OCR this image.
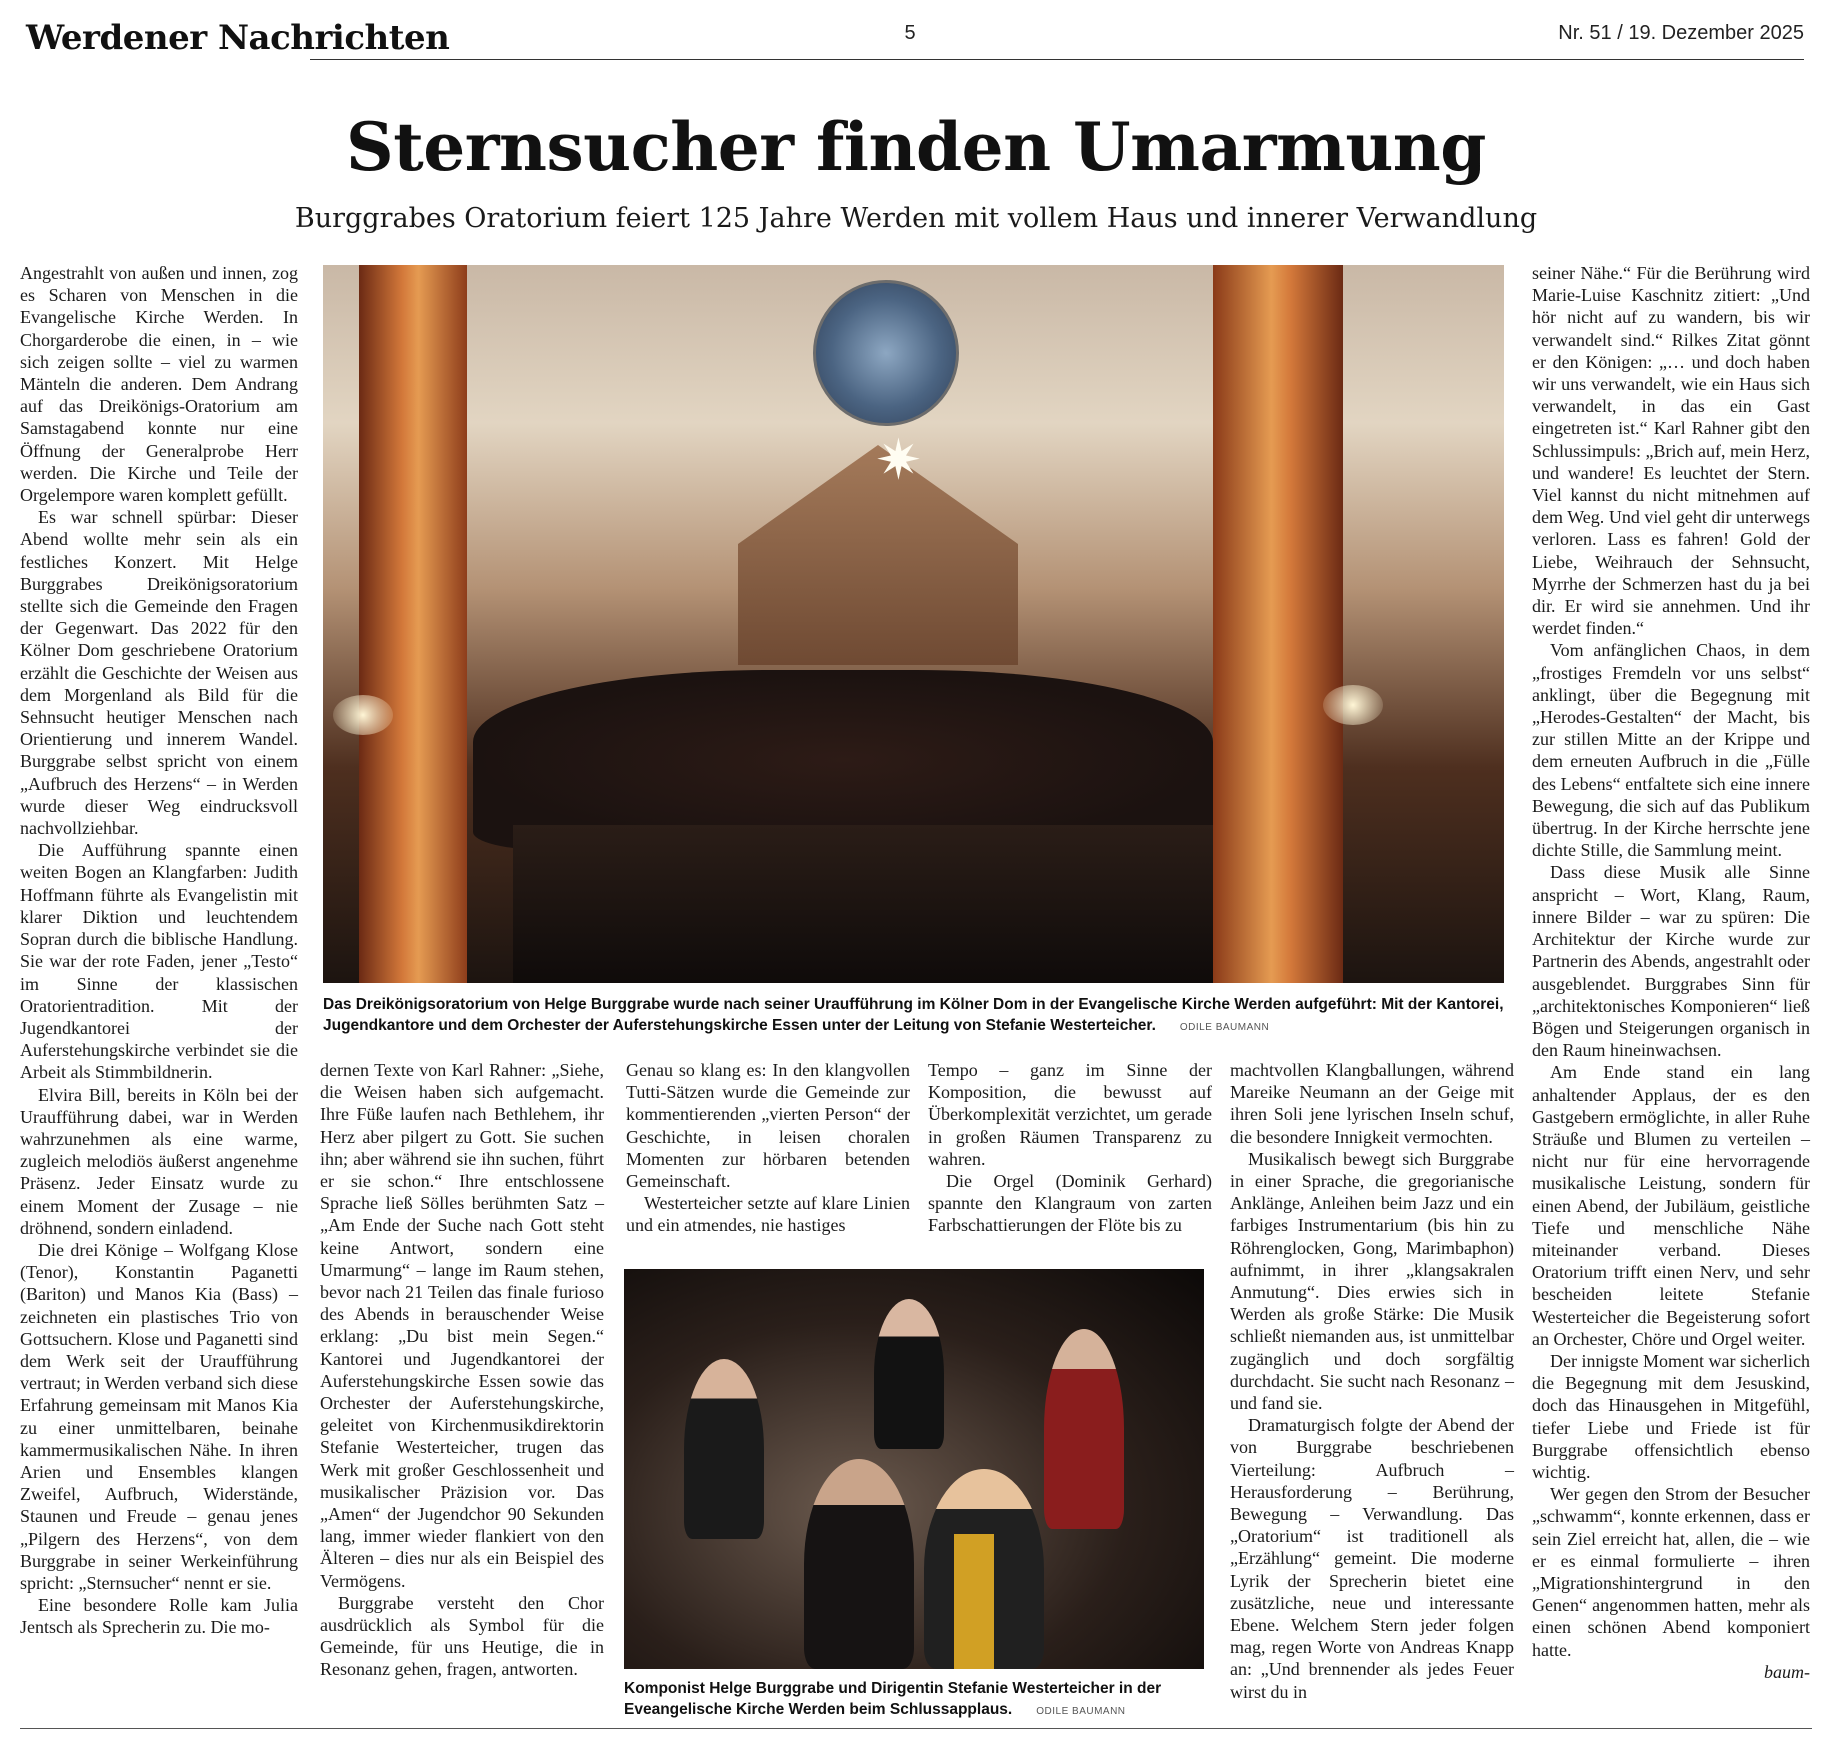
Werdener Nachrichten	5	Nr. 51 / 19. Dezember 2025
Sternsucher finden Umarmung
Burggrabes Oratorium feiert 125 Jahre Werden mit vollem Haus und innerer Verwandlung

Angestrahlt von außen und innen, zog es Scharen von Menschen in die Evangelische Kirche Werden. In Chorgarderobe die einen, in – wie sich zeigen sollte – viel zu warmen Mänteln die anderen. Dem Andrang auf das Dreikönigs-Oratorium am Samstagabend konnte nur eine Öffnung der Generalprobe Herr werden. Die Kirche und Teile der Orgelempore waren komplett gefüllt.

Es war schnell spürbar: Dieser Abend wollte mehr sein als ein festliches Konzert. Mit Helge Burggrabes Dreikönigsoratorium stellte sich die Gemeinde den Fragen der Gegenwart. Das 2022 für den Kölner Dom geschriebene Oratorium erzählt die Geschichte der Weisen aus dem Morgenland als Bild für die Sehnsucht heutiger Menschen nach Orientierung und innerem Wandel. Burggrabe selbst spricht von einem „Aufbruch des Herzens“ – in Werden wurde dieser Weg eindrucksvoll nachvollziehbar.

Die Aufführung spannte einen weiten Bogen an Klangfarben: Judith Hoffmann führte als Evangelistin mit klarer Diktion und leuchtendem Sopran durch die biblische Handlung. Sie war der rote Faden, jener „Testo“ im Sinne der klassischen Oratorientradition. Mit der Jugendkantorei der Auferstehungskirche verbindet sie die Arbeit als Stimmbildnerin.

Elvira Bill, bereits in Köln bei der Uraufführung dabei, war in Werden wahrzunehmen als eine warme, zugleich melodiös äußerst angenehme Präsenz. Jeder Einsatz wurde zu einem Moment der Zusage – nie dröhnend, sondern einladend.

Die drei Könige – Wolfgang Klose (Tenor), Konstantin Paganetti (Bariton) und Manos Kia (Bass) – zeichneten ein plastisches Trio von Gottsuchern. Klose und Paganetti sind dem Werk seit der Uraufführung vertraut; in Werden verband sich diese Erfahrung gemeinsam mit Manos Kia zu einer unmittelbaren, beinahe kammermusikalischen Nähe. In ihren Arien und Ensembles klangen Zweifel, Aufbruch, Widerstände, Staunen und Freude – genau jenes „Pilgern des Herzens“, von dem Burggrabe in seiner Werkeinführung spricht: „Sternsucher“ nennt er sie.

Eine besondere Rolle kam Julia Jentsch als Sprecherin zu. Die mo-

✷
Das Dreikönigsoratorium von Helge Burggrabe wurde nach seiner Uraufführung im Kölner Dom in der Evangelische Kirche Werden aufgeführt: Mit der Kantorei, Jugendkantore und dem Orchester der Auferstehungskirche Essen unter der Leitung von Stefanie Westerteicher. ODILE BAUMANN

dernen Texte von Karl Rahner: „Siehe, die Weisen haben sich aufgemacht. Ihre Füße laufen nach Bethlehem, ihr Herz aber pilgert zu Gott. Sie suchen ihn; aber während sie ihn suchen, führt er sie schon.“ Ihre entschlossene Sprache ließ Sölles berühmten Satz – „Am Ende der Suche nach Gott steht keine Antwort, sondern eine Umarmung“ – lange im Raum stehen, bevor nach 21 Teilen das finale furioso des Abends in berauschender Weise erklang: „Du bist mein Segen.“ Kantorei und Jugendkantorei der Auferstehungskirche Essen sowie das Orchester der Auferstehungskirche, geleitet von Kirchenmusikdirektorin Stefanie Westerteicher, trugen das Werk mit großer Geschlossenheit und musikalischer Präzision vor. Das „Amen“ der Jugendchor 90 Sekunden lang, immer wieder flankiert von den Älteren – dies nur als ein Beispiel des Vermögens.

Burggrabe versteht den Chor ausdrücklich als Symbol für die Gemeinde, für uns Heutige, die in Resonanz gehen, fragen, antworten.

Genau so klang es: In den klangvollen Tutti-Sätzen wurde die Gemeinde zur kommentierenden „vierten Person“ der Geschichte, in leisen choralen Momenten zur hörbaren betenden Gemeinschaft.

Westerteicher setzte auf klare Linien und ein atmendes, nie hastiges

Tempo – ganz im Sinne der Komposition, die bewusst auf Überkomplexität verzichtet, um gerade in großen Räumen Transparenz zu wahren.

Die Orgel (Dominik Gerhard) spannte den Klangraum von zarten Farbschattierungen der Flöte bis zu

Komponist Helge Burggrabe und Dirigentin Stefanie Westerteicher in der Eveangelische Kirche Werden beim Schlussapplaus. ODILE BAUMANN

machtvollen Klangballungen, während Mareike Neumann an der Geige mit ihren Soli jene lyrischen Inseln schuf, die besondere Innigkeit vermochten.

Musikalisch bewegt sich Burggrabe in einer Sprache, die gregorianische Anklänge, Anleihen beim Jazz und ein farbiges Instrumentarium (bis hin zu Röhrenglocken, Gong, Marimbaphon) aufnimmt, in ihrer „klangsakralen Anmutung“. Dies erwies sich in Werden als große Stärke: Die Musik schließt niemanden aus, ist unmittelbar zugänglich und doch sorgfältig durchdacht. Sie sucht nach Resonanz – und fand sie.

Dramaturgisch folgte der Abend der von Burggrabe beschriebenen Vierteilung: Aufbruch – Herausforderung – Berührung, Bewegung – Verwandlung. Das „Oratorium“ ist traditionell als „Erzählung“ gemeint. Die moderne Lyrik der Sprecherin bietet eine zusätzliche, neue und interessante Ebene. Welchem Stern jeder folgen mag, regen Worte von Andreas Knapp an: „Und brennender als jedes Feuer wirst du in

seiner Nähe.“ Für die Berührung wird Marie-Luise Kaschnitz zitiert: „Und hör nicht auf zu wandern, bis wir verwandelt sind.“ Rilkes Zitat gönnt er den Königen: „… und doch haben wir uns verwandelt, wie ein Haus sich verwandelt, in das ein Gast eingetreten ist.“ Karl Rahner gibt den Schlussimpuls: „Brich auf, mein Herz, und wandere! Es leuchtet der Stern. Viel kannst du nicht mitnehmen auf dem Weg. Und viel geht dir unterwegs verloren. Lass es fahren! Gold der Liebe, Weihrauch der Sehnsucht, Myrrhe der Schmerzen hast du ja bei dir. Er wird sie annehmen. Und ihr werdet finden.“

Vom anfänglichen Chaos, in dem „frostiges Fremdeln vor uns selbst“ anklingt, über die Begegnung mit „Herodes-Gestalten“ der Macht, bis zur stillen Mitte an der Krippe und dem erneuten Aufbruch in die „Fülle des Lebens“ entfaltete sich eine innere Bewegung, die sich auf das Publikum übertrug. In der Kirche herrschte jene dichte Stille, die Sammlung meint.

Dass diese Musik alle Sinne anspricht – Wort, Klang, Raum, innere Bilder – war zu spüren: Die Architektur der Kirche wurde zur Partnerin des Abends, angestrahlt oder ausgeblendet. Burggrabes Sinn für „architektonisches Komponieren“ ließ Bögen und Steigerungen organisch in den Raum hineinwachsen.

Am Ende stand ein lang anhaltender Applaus, der es den Gastgebern ermöglichte, in aller Ruhe Sträuße und Blumen zu verteilen – nicht nur für eine hervorragende musikalische Leistung, sondern für einen Abend, der Jubiläum, geistliche Tiefe und menschliche Nähe miteinander verband. Dieses Oratorium trifft einen Nerv, und sehr bescheiden leitete Stefanie Westerteicher die Begeisterung sofort an Orchester, Chöre und Orgel weiter.

Der innigste Moment war sicherlich die Begegnung mit dem Jesuskind, doch das Hinausgehen in Mitgefühl, tiefer Liebe und Friede ist für Burggrabe offensichtlich ebenso wichtig.

Wer gegen den Strom der Besucher „schwamm“, konnte erkennen, dass er sein Ziel erreicht hat, allen, die – wie er es einmal formulierte – ihren „Migrationshintergrund in den Genen“ angenommen hatten, mehr als einen schönen Abend komponiert hatte.

baum-
